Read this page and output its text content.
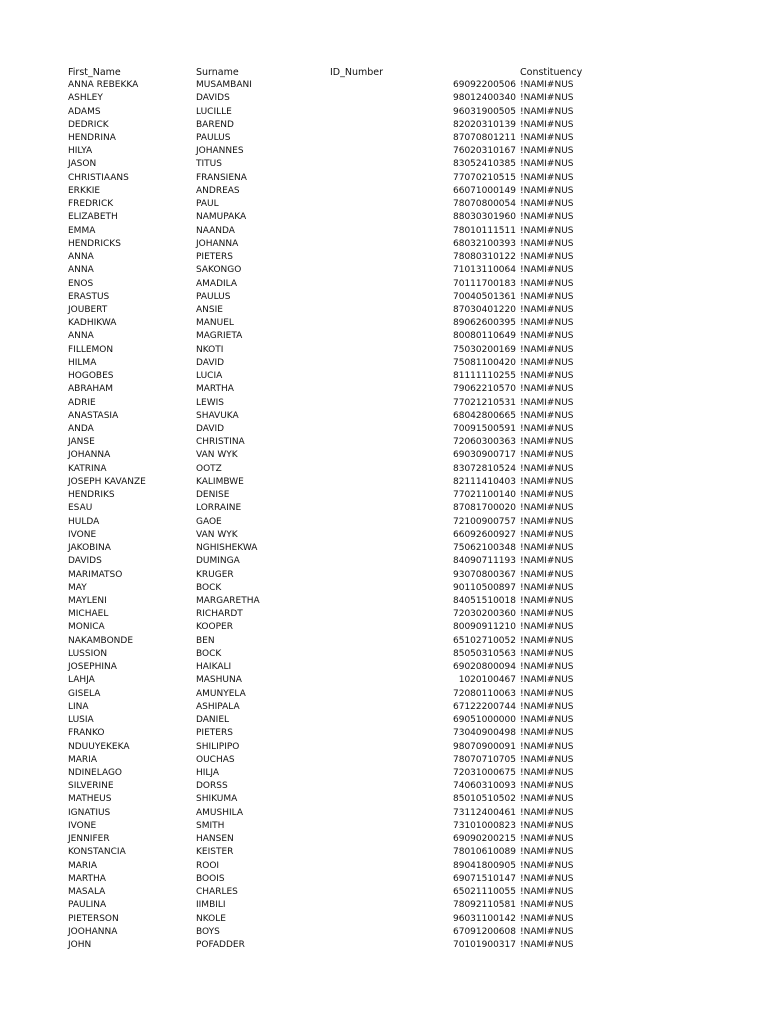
First_Name	Surname	ID_Number	Constituency
ANNA REBEKKA	MUSAMBANI	69092200506 !NAMI#NUS
ASHLEY	DAVIDS	98012400340 !NAMI#NUS
ADAMS	LUCILLE	96031900505 !NAMI#NUS
DEDRICK	BAREND	82020310139 !NAMI#NUS
HENDRINA	PAULUS	87070801211 !NAMI#NUS
HILYA	JOHANNES	76020310167 !NAMI#NUS
JASON	TITUS	83052410385 !NAMI#NUS
CHRISTIAANS	FRANSIENA	77070210515 !NAMI#NUS
ERKKIE	ANDREAS	66071000149 !NAMI#NUS
FREDRICK	PAUL	78070800054 !NAMI#NUS
ELIZABETH	NAMUPAKA	88030301960 !NAMI#NUS
EMMA	NAANDA	78010111511 !NAMI#NUS
HENDRICKS	JOHANNA	68032100393 !NAMI#NUS
ANNA	PIETERS	78080310122 !NAMI#NUS
ANNA	SAKONGO	71013110064 !NAMI#NUS
ENOS	AMADILA	70111700183 !NAMI#NUS
ERASTUS	PAULUS	70040501361 !NAMI#NUS
JOUBERT	ANSIE	87030401220 !NAMI#NUS
KADHIKWA	MANUEL	89062600395 !NAMI#NUS
ANNA	MAGRIETA	80080110649 !NAMI#NUS
FILLEMON	NKOTI	75030200169 !NAMI#NUS
HILMA	DAVID	75081100420 !NAMI#NUS
HOGOBES	LUCIA	81111110255 !NAMI#NUS
ABRAHAM	MARTHA	79062210570 !NAMI#NUS
ADRIE	LEWIS	77021210531 !NAMI#NUS
ANASTASIA	SHAVUKA	68042800665 !NAMI#NUS
ANDA	DAVID	70091500591 !NAMI#NUS
JANSE	CHRISTINA	72060300363 !NAMI#NUS
JOHANNA	VAN WYK	69030900717 !NAMI#NUS
KATRINA	OOTZ	83072810524 !NAMI#NUS
JOSEPH KAVANZE	KALIMBWE	82111410403 !NAMI#NUS
HENDRIKS	DENISE	77021100140 !NAMI#NUS
ESAU	LORRAINE	87081700020 !NAMI#NUS
HULDA	GAOE	72100900757 !NAMI#NUS
IVONE	VAN WYK	66092600927 !NAMI#NUS
JAKOBINA	NGHISHEKWA	75062100348 !NAMI#NUS
DAVIDS	DUMINGA	84090711193 !NAMI#NUS
MARIMATSO	KRUGER	93070800367 !NAMI#NUS
MAY	BOCK	90110500897 !NAMI#NUS
MAYLENI	MARGARETHA	84051510018 !NAMI#NUS
MICHAEL	RICHARDT	72030200360 !NAMI#NUS
MONICA	KOOPER	80090911210 !NAMI#NUS
NAKAMBONDE	BEN	65102710052 !NAMI#NUS
LUSSION	BOCK	85050310563 !NAMI#NUS
JOSEPHINA	HAIKALI	69020800094 !NAMI#NUS
LAHJA	MASHUNA	1020100467 !NAMI#NUS
GISELA	AMUNYELA	72080110063 !NAMI#NUS
LINA	ASHIPALA	67122200744 !NAMI#NUS
LUSIA	DANIEL	69051000000 !NAMI#NUS
FRANKO	PIETERS	73040900498 !NAMI#NUS
NDUUYEKEKA	SHILIPIPO	98070900091 !NAMI#NUS
MARIA	OUCHAS	78070710705 !NAMI#NUS
NDINELAGO	HILJA	72031000675 !NAMI#NUS
SILVERINE	DORSS	74060310093 !NAMI#NUS
MATHEUS	SHIKUMA	85010510502 !NAMI#NUS
IGNATIUS	AMUSHILA	73112400461 !NAMI#NUS
IVONE	SMITH	73101000823 !NAMI#NUS
JENNIFER	HANSEN	69090200215 !NAMI#NUS
KONSTANCIA	KEISTER	78010610089 !NAMI#NUS
MARIA	ROOI	89041800905 !NAMI#NUS
MARTHA	BOOIS	69071510147 !NAMI#NUS
MASALA	CHARLES	65021110055 !NAMI#NUS
PAULINA	IIMBILI	78092110581 !NAMI#NUS
PIETERSON	NKOLE	96031100142 !NAMI#NUS
JOOHANNA	BOYS	67091200608 !NAMI#NUS
JOHN	POFADDER	70101900317 !NAMI#NUS
